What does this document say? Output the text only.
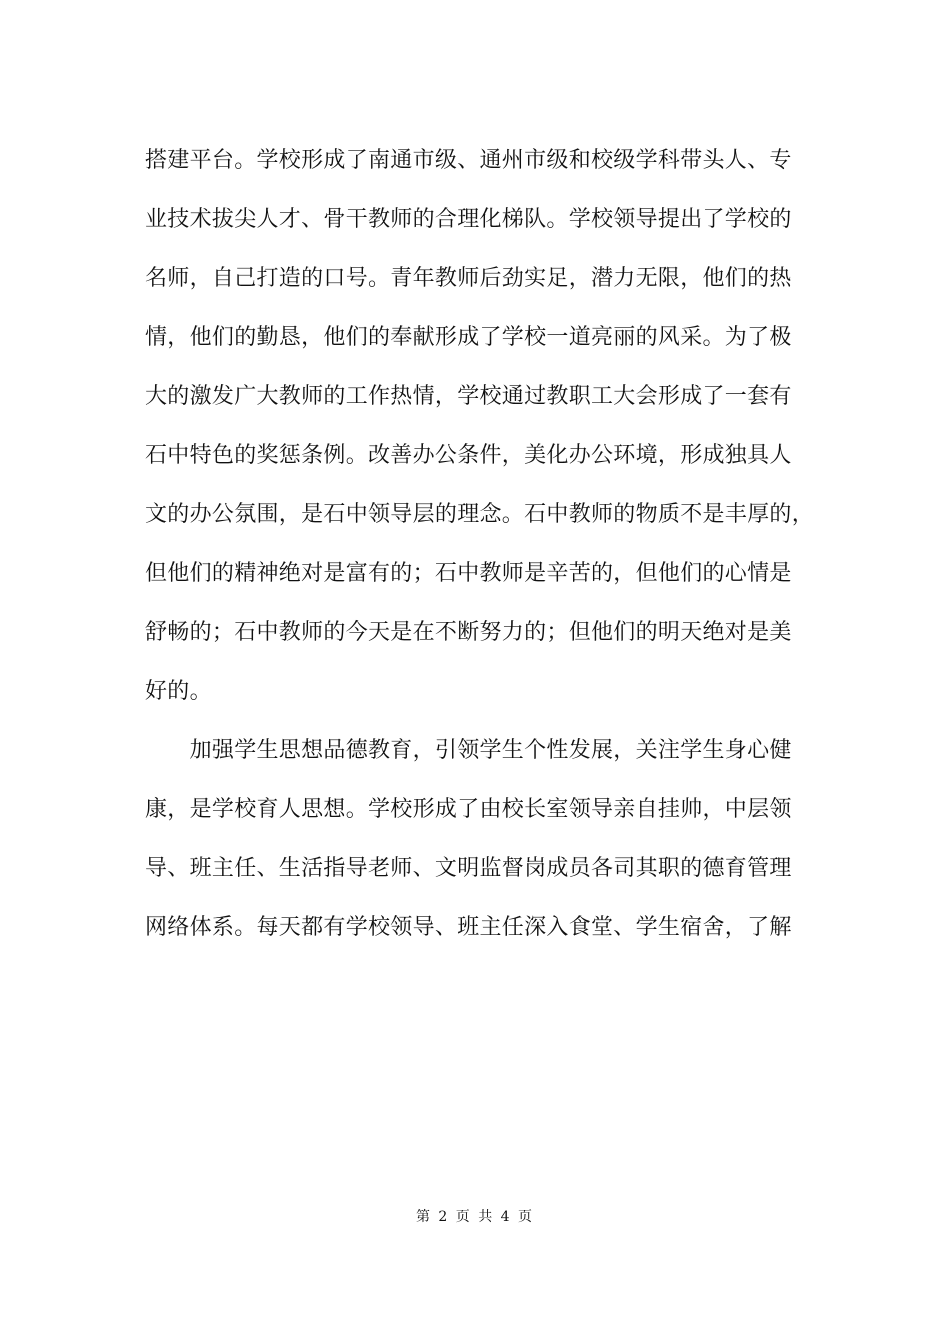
搭建平台。学校形成了南通市级、通州市级和校级学科带头人、专
业技术拔尖人才、骨干教师的合理化梯队。学校领导提出了学校的
名师，自己打造的口号。青年教师后劲实足，潜力无限，他们的热
情，他们的勤恳，他们的奉献形成了学校一道亮丽的风采。为了极
大的激发广大教师的工作热情，学校通过教职工大会形成了一套有
石中特色的奖惩条例。改善办公条件，美化办公环境，形成独具人
文的办公氛围，是石中领导层的理念。石中教师的物质不是丰厚的，
但他们的精神绝对是富有的；石中教师是辛苦的，但他们的心情是
舒畅的；石中教师的今天是在不断努力的；但他们的明天绝对是美
好的。
　　加强学生思想品德教育，引领学生个性发展，关注学生身心健
康，是学校育人思想。学校形成了由校长室领导亲自挂帅，中层领
导、班主任、生活指导老师、文明监督岗成员各司其职的德育管理
网络体系。每天都有学校领导、班主任深入食堂、学生宿舍，了解
第 2 页 共 4 页
